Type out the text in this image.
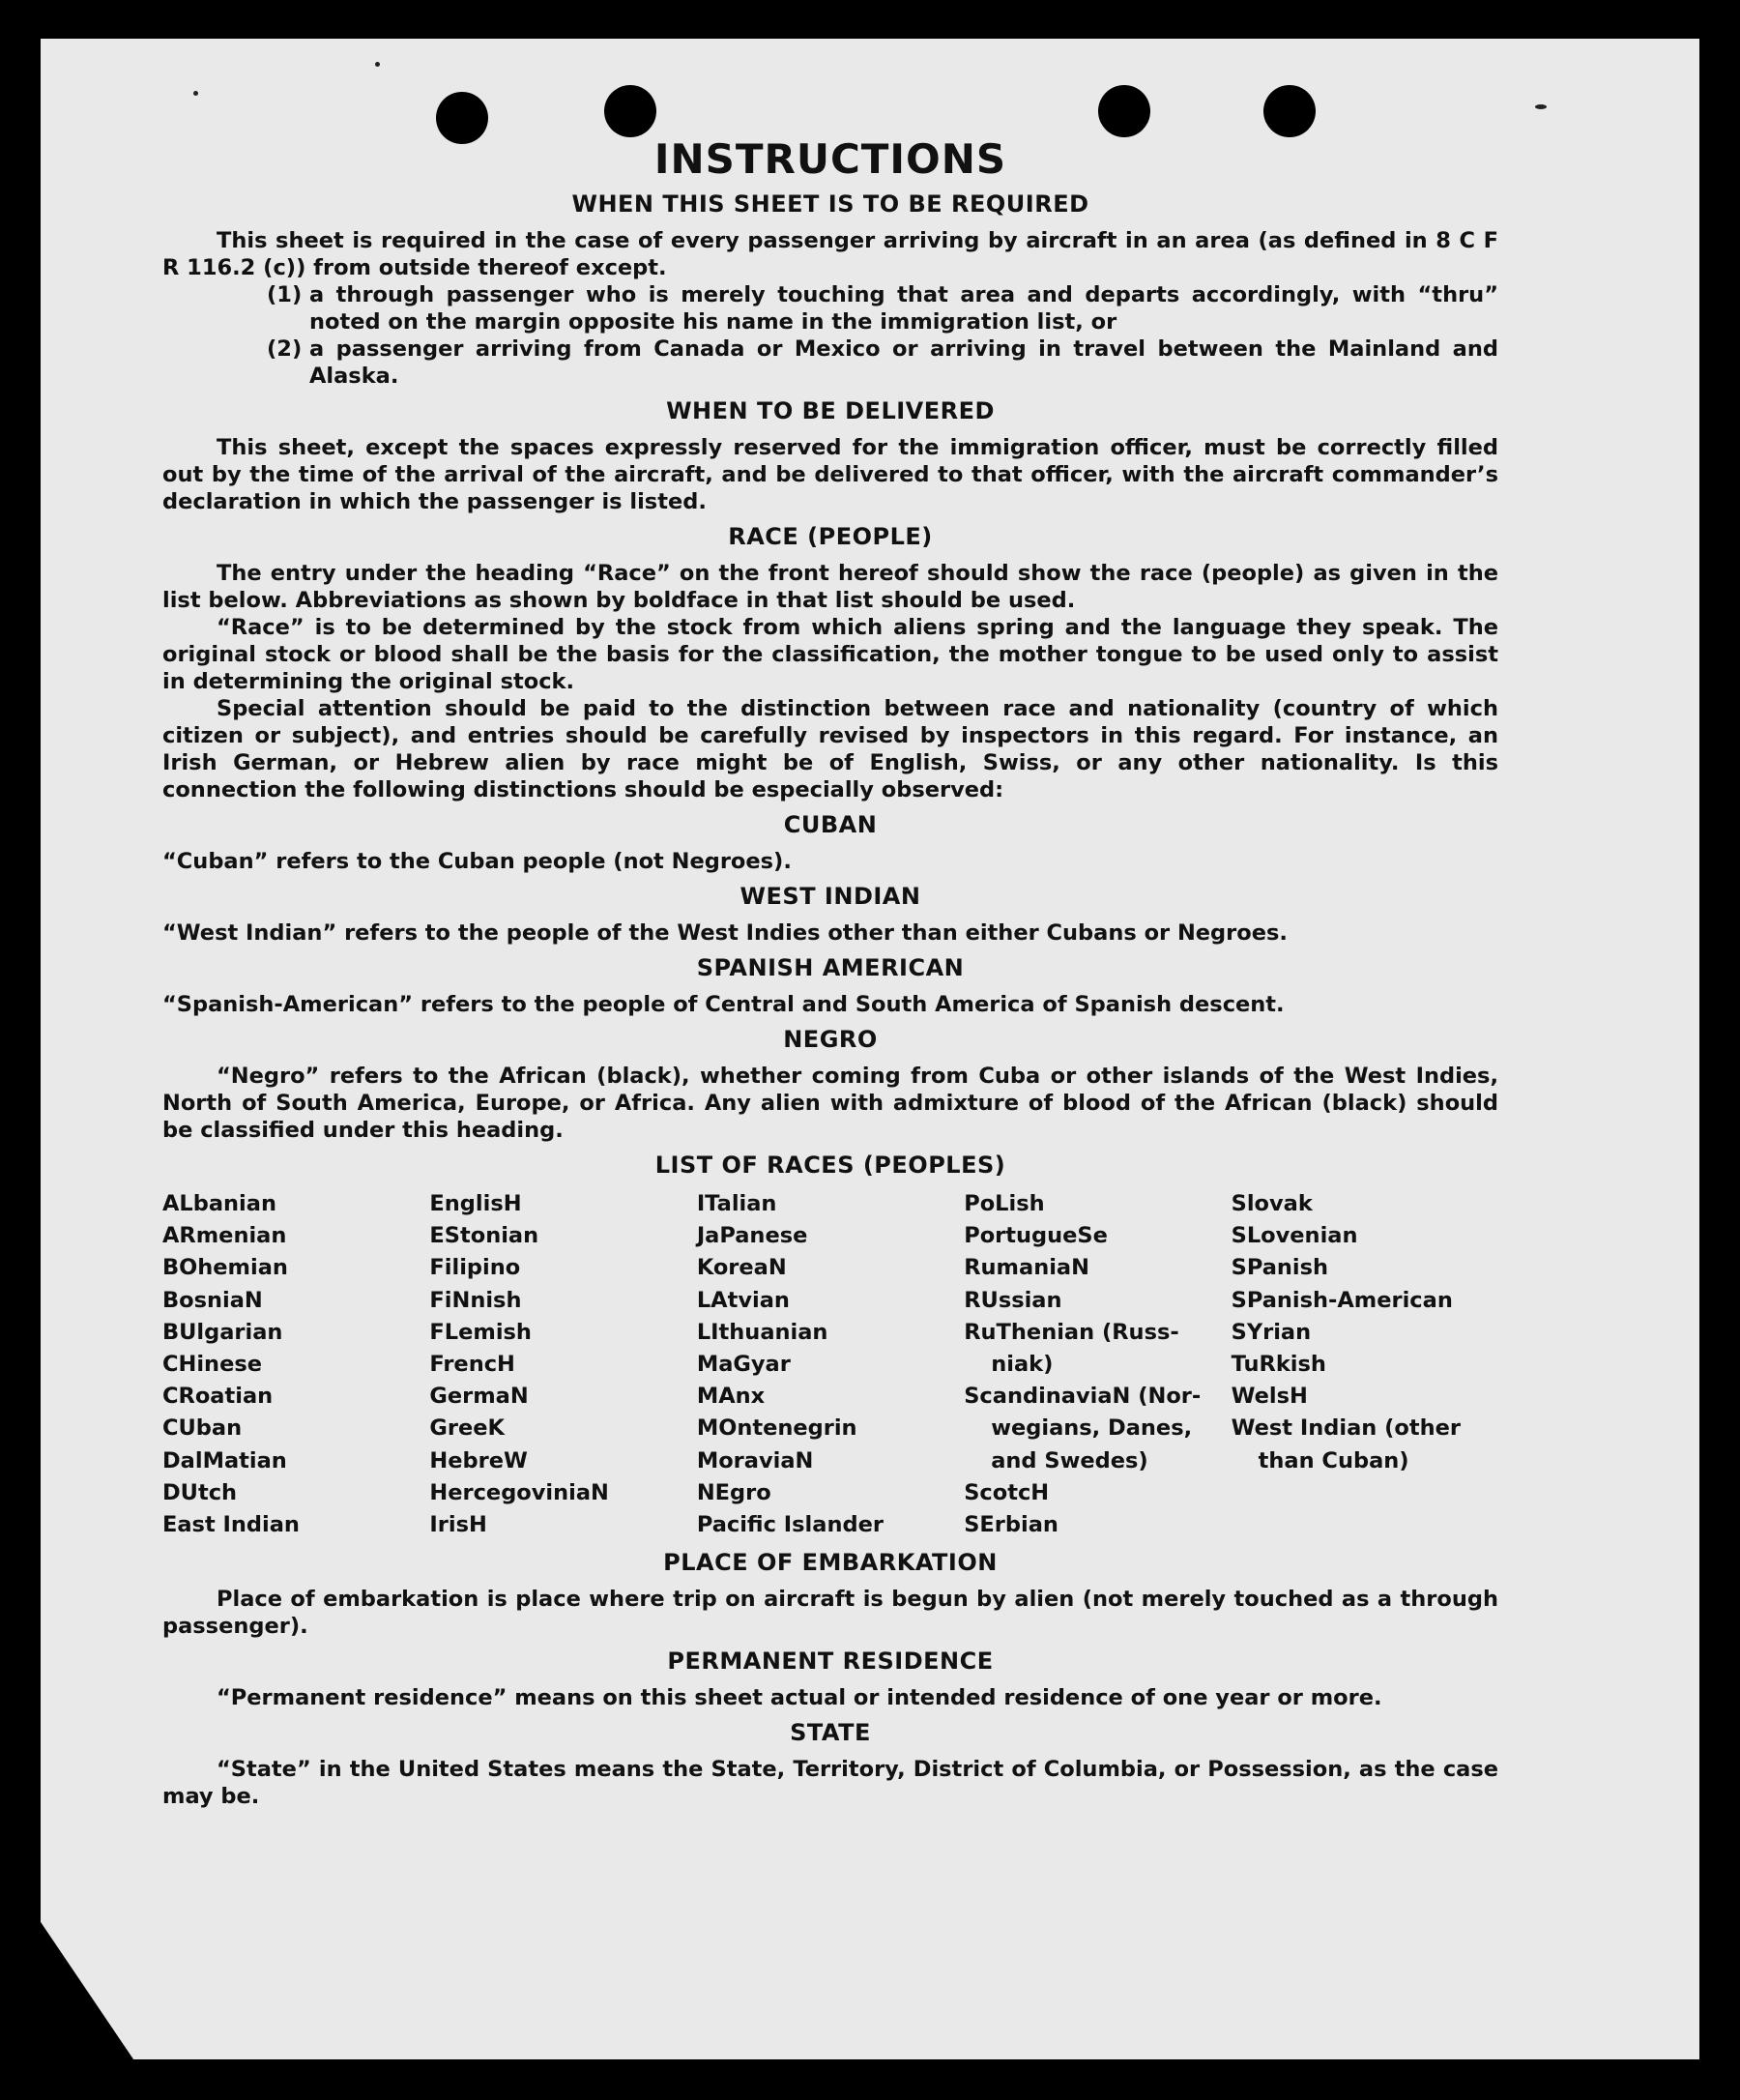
INSTRUCTIONS
WHEN THIS SHEET IS TO BE REQUIRED

This sheet is required in the case of every passenger arriving by aircraft in an area (as defined in 8 C F R 116.2 (c)) from outside thereof except.

(1) a through passenger who is merely touching that area and departs accordingly, with “thru” noted on the margin opposite his name in the immigration list, or
(2) a passenger arriving from Canada or Mexico or arriving in travel between the Mainland and Alaska.
WHEN TO BE DELIVERED

This sheet, except the spaces expressly reserved for the immigration officer, must be correctly filled out by the time of the arrival of the aircraft, and be delivered to that officer, with the aircraft commander’s declaration in which the passenger is listed.

RACE (PEOPLE)

The entry under the heading “Race” on the front hereof should show the race (people) as given in the list below. Abbreviations as shown by boldface in that list should be used.

“Race” is to be determined by the stock from which aliens spring and the language they speak. The original stock or blood shall be the basis for the classification, the mother tongue to be used only to assist in determining the original stock.

Special attention should be paid to the distinction between race and nationality (country of which citizen or subject), and entries should be carefully revised by inspectors in this regard. For instance, an Irish German, or Hebrew alien by race might be of English, Swiss, or any other nationality. Is this connection the following distinctions should be especially observed:

CUBAN

“Cuban” refers to the Cuban people (not Negroes).

WEST INDIAN

“West Indian” refers to the people of the West Indies other than either Cubans or Negroes.

SPANISH AMERICAN

“Spanish-American” refers to the people of Central and South America of Spanish descent.

NEGRO

“Negro” refers to the African (black), whether coming from Cuba or other islands of the West Indies, North of South America, Europe, or Africa. Any alien with admixture of blood of the African (black) should be classified under this heading.

LIST OF RACES (PEOPLES)
ALbanian
ARmenian
BOhemian
BosniaN
BUlgarian
CHinese
CRoatian
CUban
DalMatian
DUtch
East Indian
EnglisH
EStonian
Filipino
FiNnish
FLemish
FrencH
GermaN
GreeK
HebreW
HercegoviniaN
IrisH
ITalian
JaPanese
KoreaN
LAtvian
LIthuanian
MaGyar
MAnx
MOntenegrin
MoraviaN
NEgro
Pacific Islander
PoLish
PortugueSe
RumaniaN
RUssian
RuThenian (Russ-
niak)
ScandinaviaN (Nor-
wegians, Danes,
and Swedes)
ScotcH
SErbian
Slovak
SLovenian
SPanish
SPanish-American
SYrian
TuRkish
WelsH
West Indian (other
than Cuban)
PLACE OF EMBARKATION

Place of embarkation is place where trip on aircraft is begun by alien (not merely touched as a through passenger).

PERMANENT RESIDENCE

“Permanent residence” means on this sheet actual or intended residence of one year or more.

STATE

“State” in the United States means the State, Territory, District of Columbia, or Possession, as the case may be.
